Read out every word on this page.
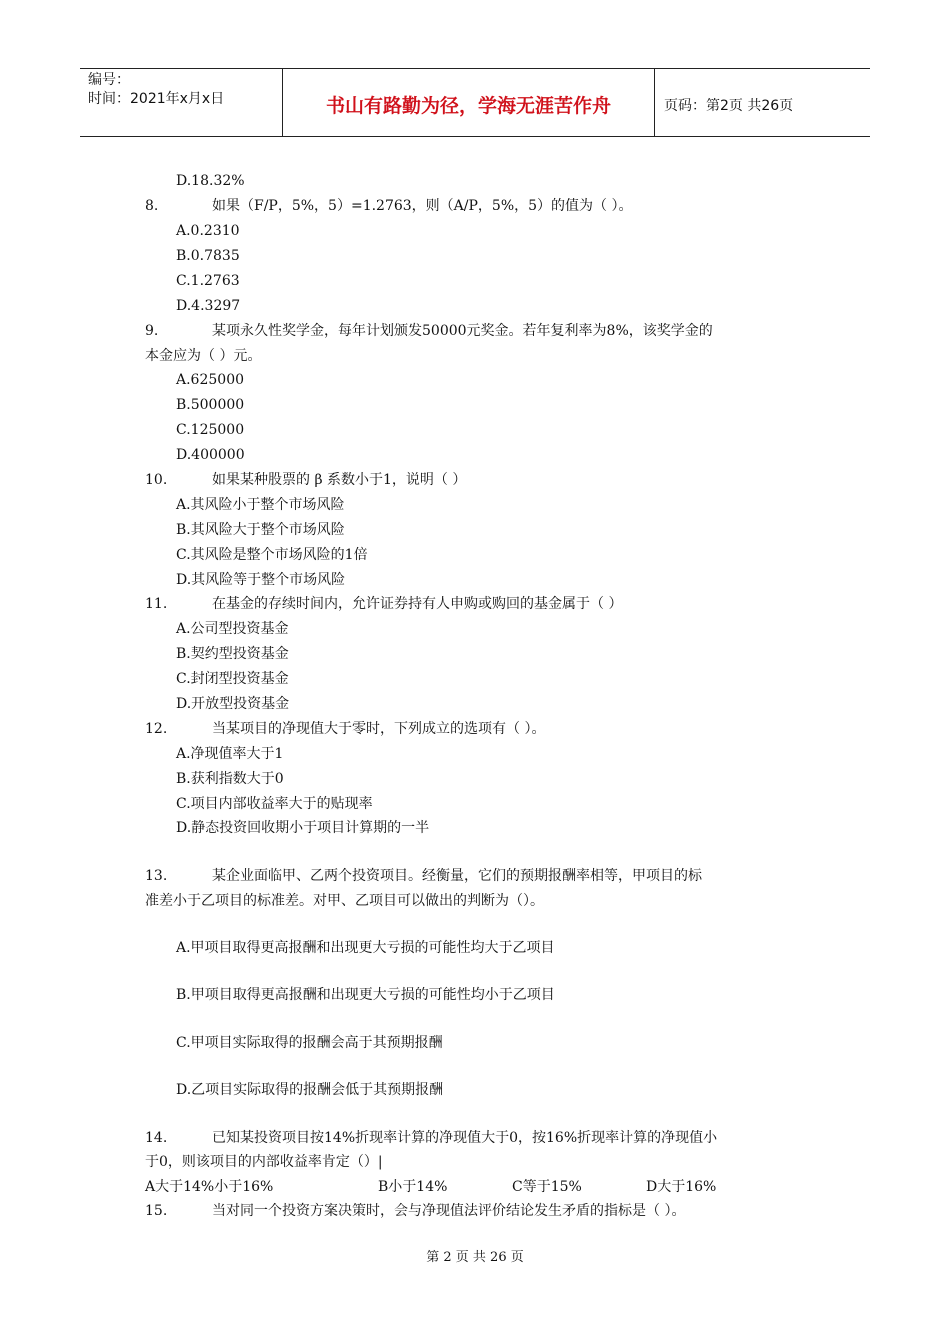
编号：
时间：2021年x月x日	书山有路勤为径，学海无涯苦作舟	页码：第2页 共26页
D.18.32%
8.	如果（F/P，5%，5）=1.2763，则（A/P，5%，5）的值为（ ）。
A.0.2310
B.0.7835
C.1.2763
D.4.3297
9.	某项永久性奖学金，每年计划颁发50000元奖金。若年复利率为8%，该奖学金的
本金应为（ ）元。
A.625000
B.500000
C.125000
D.400000
10.	如果某种股票的 β 系数小于1，说明（ ）
A.其风险小于整个市场风险
B.其风险大于整个市场风险
C.其风险是整个市场风险的1倍
D.其风险等于整个市场风险
11.	在基金的存续时间内，允许证券持有人申购或购回的基金属于（ ）
A.公司型投资基金
B.契约型投资基金
C.封闭型投资基金
D.开放型投资基金
12.	当某项目的净现值大于零时，下列成立的选项有（ ）。
A.净现值率大于1
B.获利指数大于0
C.项目内部收益率大于的贴现率
D.静态投资回收期小于项目计算期的一半
13.	某企业面临甲、乙两个投资项目。经衡量，它们的预期报酬率相等，甲项目的标
准差小于乙项目的标准差。对甲、乙项目可以做出的判断为（）。
A.甲项目取得更高报酬和出现更大亏损的可能性均大于乙项目
B.甲项目取得更高报酬和出现更大亏损的可能性均小于乙项目
C.甲项目实际取得的报酬会高于其预期报酬
D.乙项目实际取得的报酬会低于其预期报酬
14.	已知某投资项目按14%折现率计算的净现值大于0，按16%折现率计算的净现值小
于0，则该项目的内部收益率肯定（）|
A大于14%小于16%	B小于14%	C等于15%	D大于16%
15.	当对同一个投资方案决策时，会与净现值法评价结论发生矛盾的指标是（ ）。
第 2 页 共 26 页
